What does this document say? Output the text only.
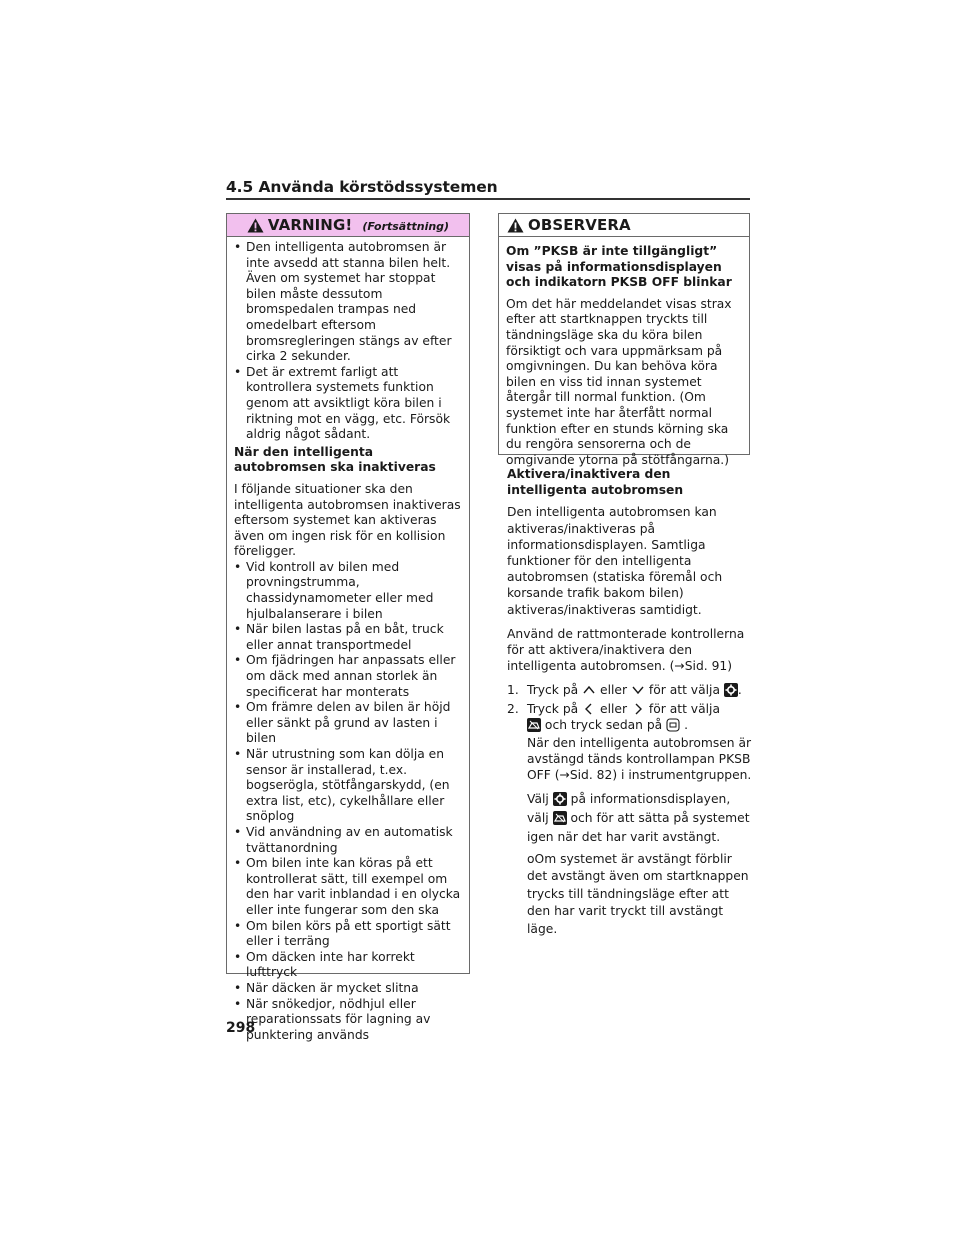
4.5 Använda körstödssystemen
VARNING! (Fortsättning)
• Den intelligenta autobromsen är inte avsedd att stanna bilen helt. Även om systemet har stoppat bilen måste dessutom bromspedalen trampas ned omedelbart eftersom bromsregleringen stängs av efter cirka 2 sekunder.
• Det är extremt farligt att kontrollera systemets funktion genom att avsiktligt köra bilen i riktning mot en vägg, etc. Försök aldrig något sådant.
När den intelligenta autobromsen ska inaktiveras
I följande situationer ska den intelligenta autobromsen inaktiveras eftersom systemet kan aktiveras även om ingen risk för en kollision föreligger.
• Vid kontroll av bilen med provningstrumma, chassidynamometer eller med hjulbalanserare i bilen
• När bilen lastas på en båt, truck eller annat transportmedel
• Om fjädringen har anpassats eller om däck med annan storlek än specificerat har monterats
• Om främre delen av bilen är höjd eller sänkt på grund av lasten i bilen
• När utrustning som kan dölja en sensor är installerad, t.ex. bogserögla, stötfångarskydd, (en extra list, etc), cykelhållare eller snöplog
• Vid användning av en automatisk tvättanordning
• Om bilen inte kan köras på ett kontrollerat sätt, till exempel om den har varit inblandad i en olycka eller inte fungerar som den ska
• Om bilen körs på ett sportigt sätt eller i terräng
• Om däcken inte har korrekt lufttryck
• När däcken är mycket slitna
• När snökedjor, nödhjul eller reparationssats för lagning av punktering används
OBSERVERA
Om ”PKSB är inte tillgängligt” visas på informationsdisplayen och indikatorn PKSB OFF blinkar
Om det här meddelandet visas strax efter att startknappen tryckts till tändningsläge ska du köra bilen försiktigt och vara uppmärksam på omgivningen. Du kan behöva köra bilen en viss tid innan systemet återgår till normal funktion. (Om systemet inte har återfått normal funktion efter en stunds körning ska du rengöra sensorerna och de omgivande ytorna på stötfångarna.)
Aktivera/inaktivera den intelligenta autobromsen
Den intelligenta autobromsen kan aktiveras/inaktiveras på informationsdisplayen. Samtliga funktioner för den intelligenta autobromsen (statiska föremål och korsande trafik bakom bilen) aktiveras/inaktiveras samtidigt.
Använd de rattmonterade kontrollerna för att aktivera/inaktivera den intelligenta autobromsen. (→Sid. 91)
1. Tryck på eller för att välja .
2. Tryck på eller för att välja
och tryck sedan på .
När den intelligenta autobromsen är avstängd tänds kontrollampan PKSB OFF (→Sid. 82) i instrumentgruppen.
Välj på informationsdisplayen,
välj och för att sätta på systemet igen när det har varit avstängt.
oOm systemet är avstängt förblir det avstängt även om startknappen trycks till tändningsläge efter att den har varit tryckt till avstängt läge.
298
